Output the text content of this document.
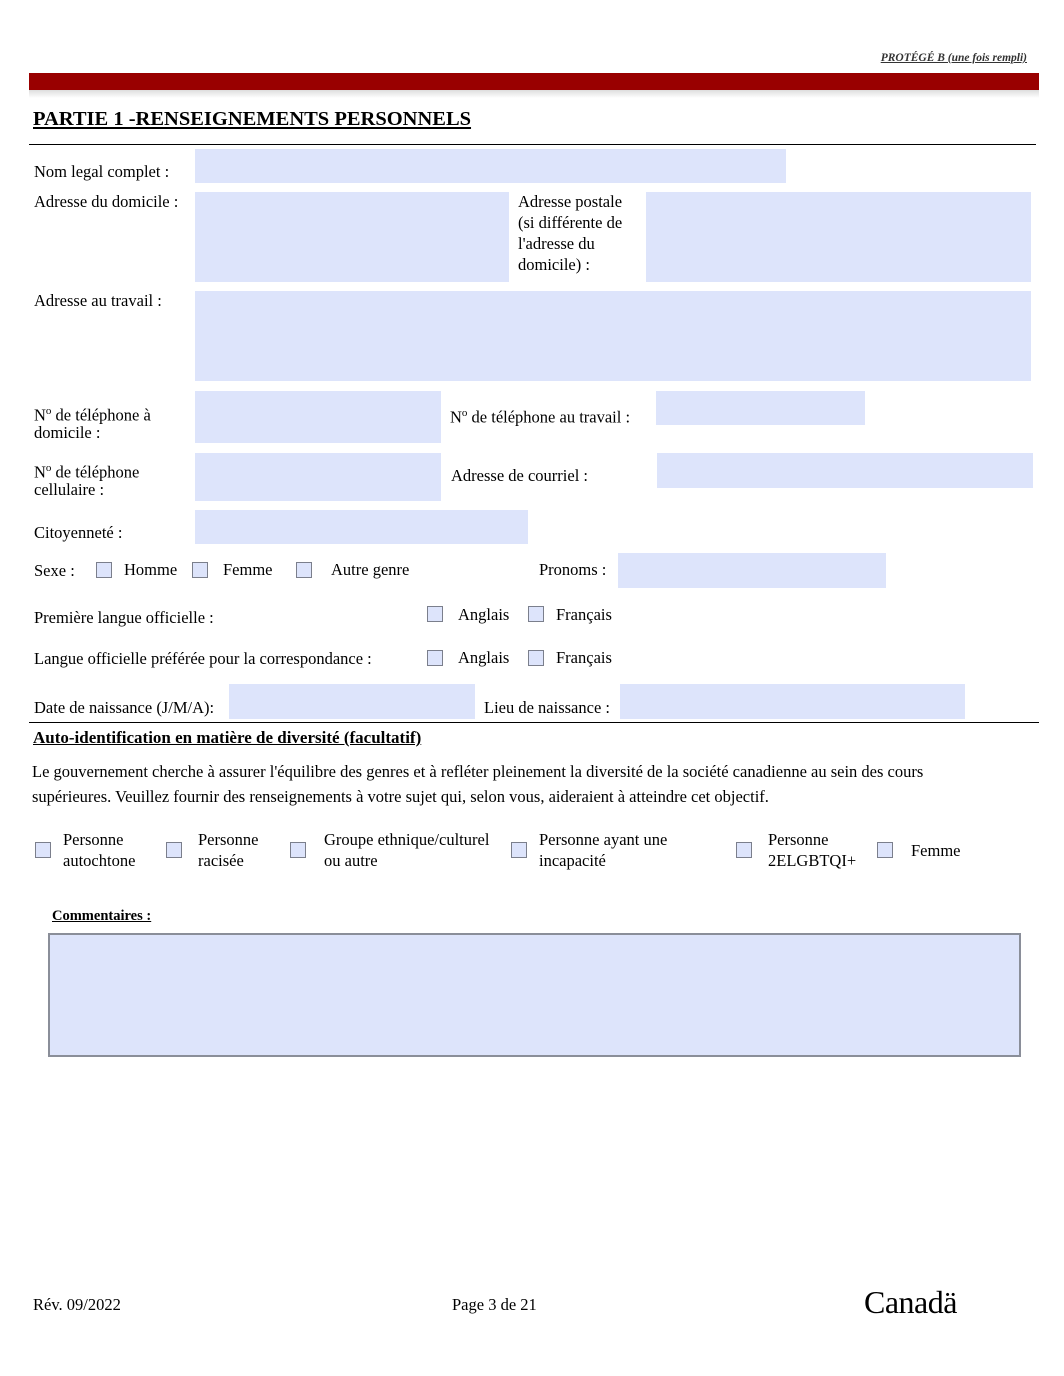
PROTÉGÉ B (une fois rempli)
PARTIE 1 -RENSEIGNEMENTS PERSONNELS
Nom legal complet :
Adresse du domicile :	Adresse postale
(si différente de
l'adresse du
domicile) :
Adresse au travail :
$N^o$ de téléphone à
domicile :
$N^o$ de téléphone au travail :
$N^o$ de téléphone
cellulaire :
Adresse de courriel :
Citoyenneté :
Sexe :	Homme	Femme	Autre genre	Pronoms :
Première langue officielle :	Anglais	Français
Langue officielle préférée pour la correspondance :	Anglais	Français
Date de naissance (J/M/A):	Lieu de naissance :
Auto-identification en matière de diversité (facultatif)
Le gouvernement cherche à assurer l'équilibre des genres et à refléter pleinement la diversité de la société canadienne au sein des cours
supérieures. Veuillez fournir des renseignements à votre sujet qui, selon vous, aideraient à atteindre cet objectif.
Personne
autochtone
Personne
racisée
Groupe ethnique/culturel
ou autre
Personne ayant une
incapacité
Personne
2ELGBTQI+
Femme
Commentaires :
Rév. 09/2022	Page 3 de 21	Canadä
